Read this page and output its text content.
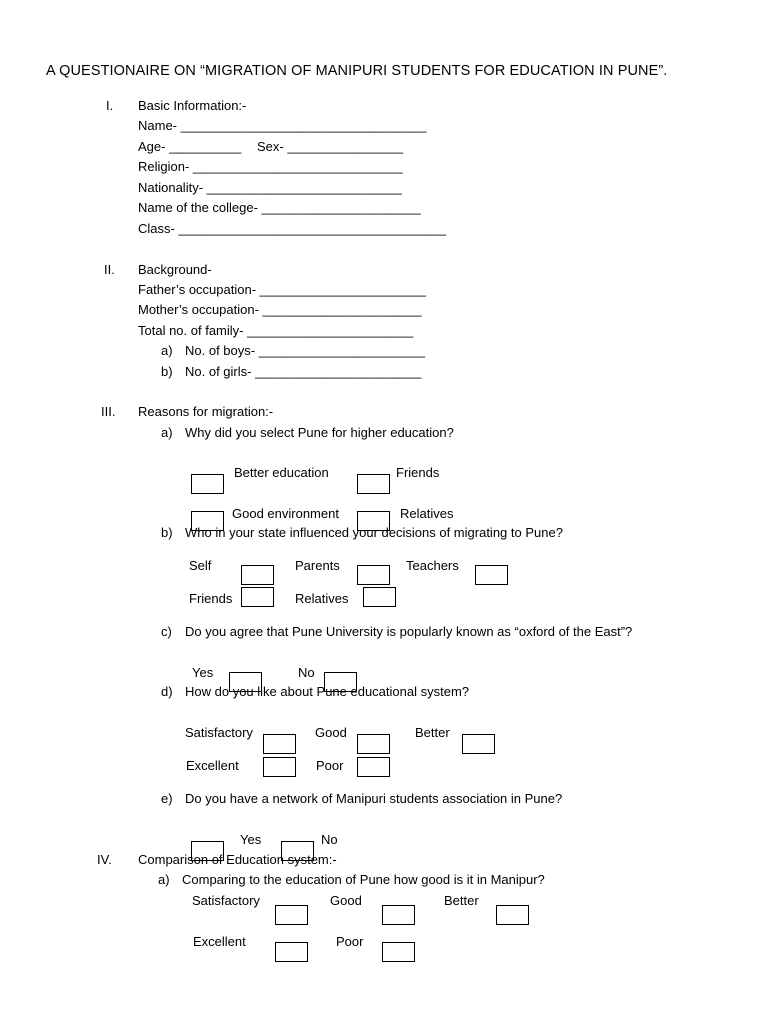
A QUESTIONAIRE ON “MIGRATION OF MANIPURI STUDENTS FOR EDUCATION IN PUNE”.
I. Basic Information:-
Name- __________________________________
Age- __________ Sex- ________________
Religion- _____________________________
Nationality- ___________________________
Name of the college- ______________________
Class- _____________________________________
II. Background-
Father’s occupation- _______________________
Mother’s occupation- ______________________
Total no. of family- _______________________
a) No. of boys- _______________________
b) No. of girls- _______________________
III. Reasons for migration:-
a) Why did you select Pune for higher education?
Better education	Friends
Good environment	Relatives
b) Who in your state influenced your decisions of migrating to Pune?
Self	Parents	Teachers
Friends	Relatives
c) Do you agree that Pune University is popularly known as “oxford of the East”?
Yes	No
d) How do you like about Pune educational system?
Satisfactory	Good	Better
Excellent	Poor
e) Do you have a network of Manipuri students association in Pune?
Yes	No
IV. Comparison of Education system:-
a) Comparing to the education of Pune how good is it in Manipur?
Satisfactory	Good	Better
Excellent	Poor
